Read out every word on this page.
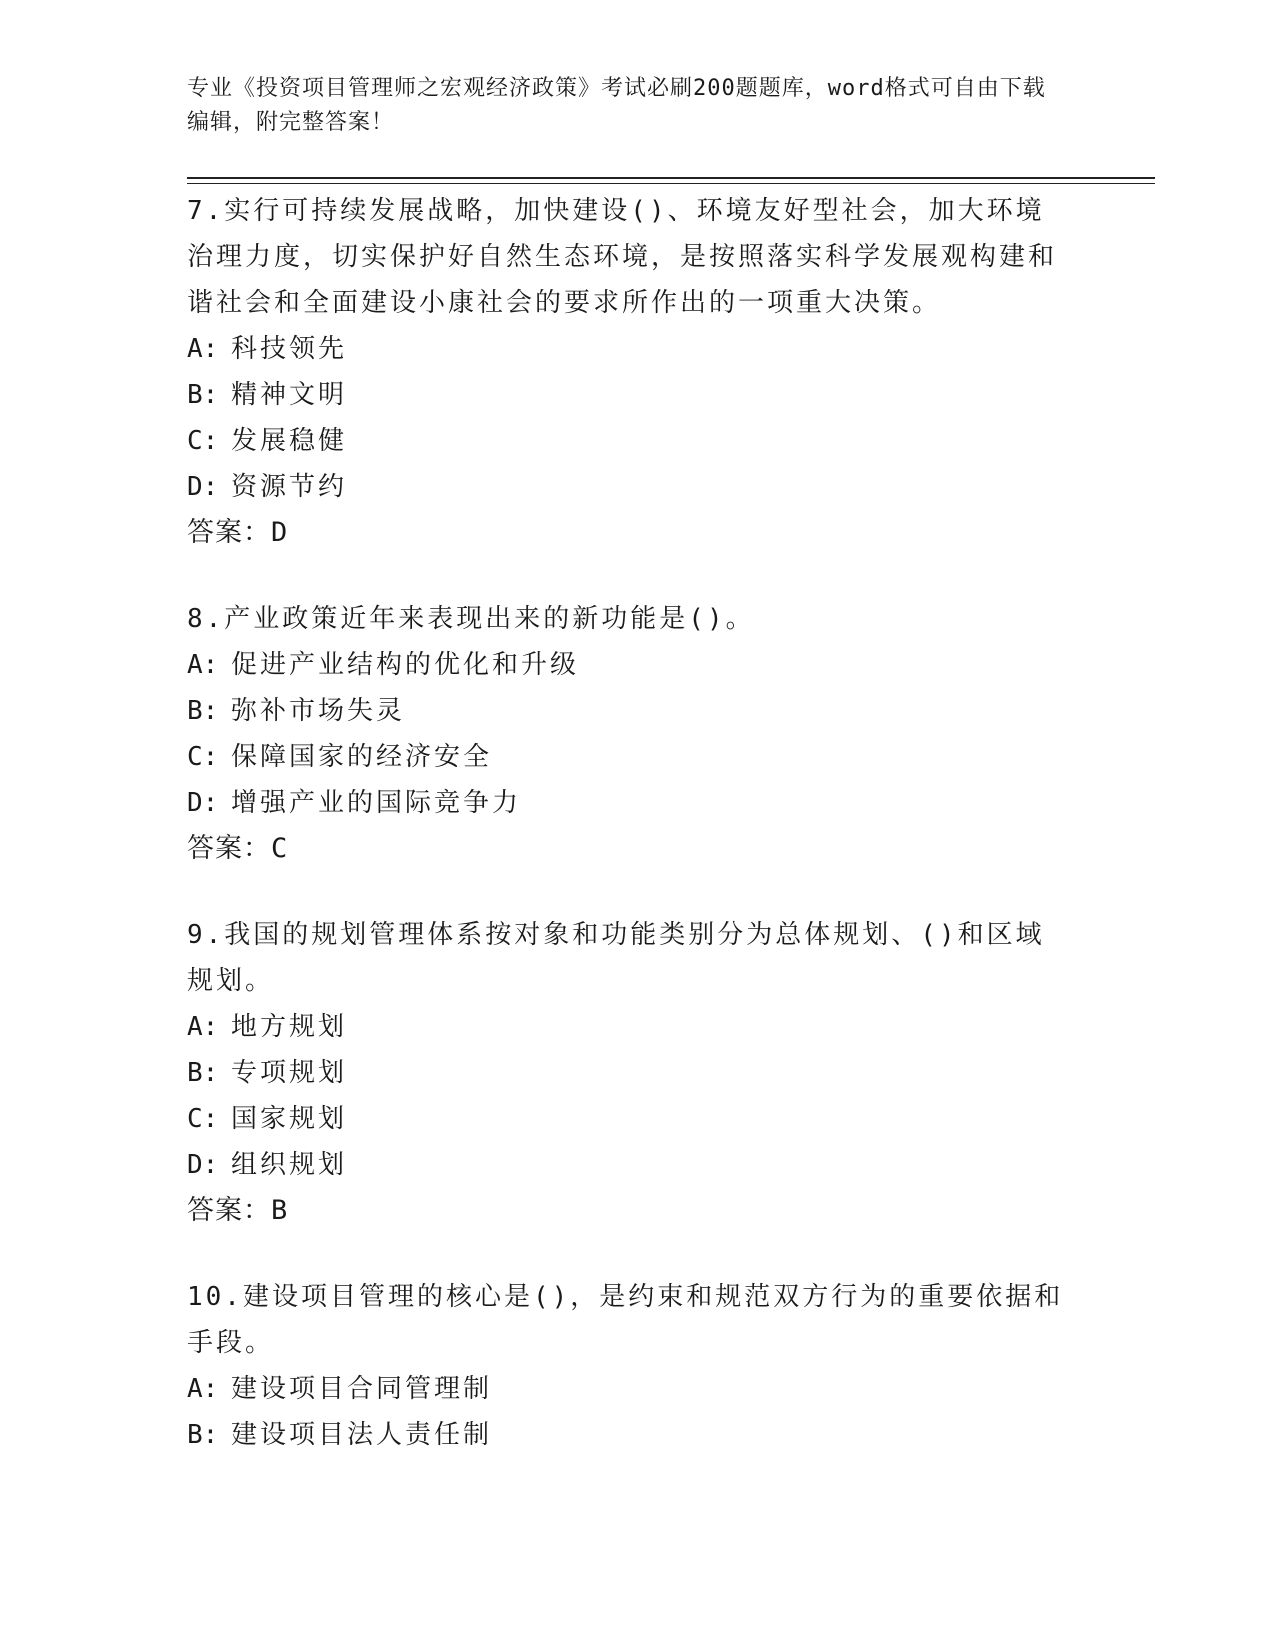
专业《投资项目管理师之宏观经济政策》考试必刷200题题库，word格式可自由下载编辑，附完整答案！

7.实行可持续发展战略，加快建设()、环境友好型社会，加大环境治理力度，切实保护好自然生态环境，是按照落实科学发展观构建和谐社会和全面建设小康社会的要求所作出的一项重大决策。

A: 科技领先
B: 精神文明
C: 发展稳健
D: 资源节约
答案：D

8.产业政策近年来表现出来的新功能是()。

A: 促进产业结构的优化和升级
B: 弥补市场失灵
C: 保障国家的经济安全
D: 增强产业的国际竞争力
答案：C

9.我国的规划管理体系按对象和功能类别分为总体规划、()和区域规划。

A: 地方规划
B: 专项规划
C: 国家规划
D: 组织规划
答案：B

10.建设项目管理的核心是()，是约束和规范双方行为的重要依据和手段。

A: 建设项目合同管理制
B: 建设项目法人责任制
